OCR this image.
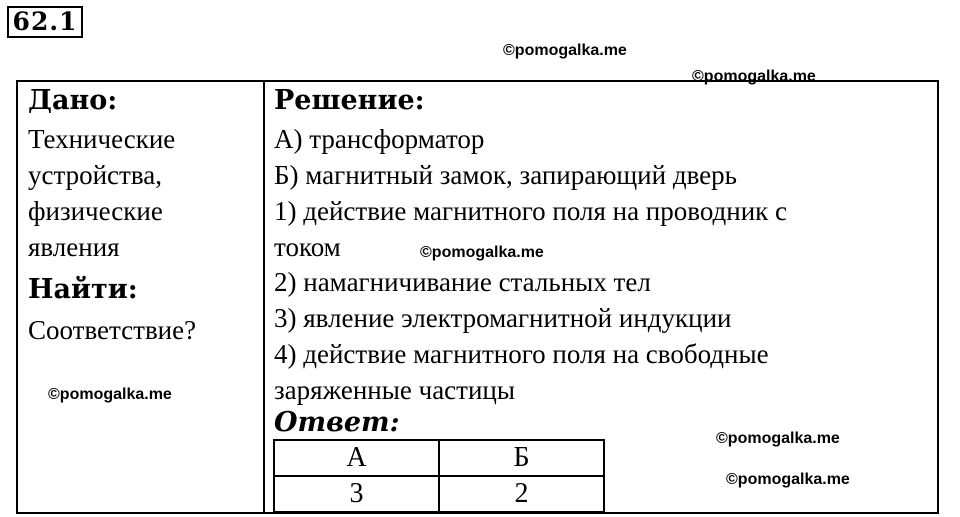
62.1
©pomogalka.me
©pomogalka.me
Дано:
Технические
устройства,
физические
явления
Найти:
Соответствие?
©pomogalka.me
Решение:
А) трансформатор
Б) магнитный замок, запирающий дверь
1) действие магнитного поля на проводник с
током	©pomogalka.me
2) намагничивание стальных тел
3) явление электромагнитной индукции
4) действие магнитного поля на свободные
заряженные частицы
Ответ:
А	Б
3	2
©pomogalka.me
©pomogalka.me
